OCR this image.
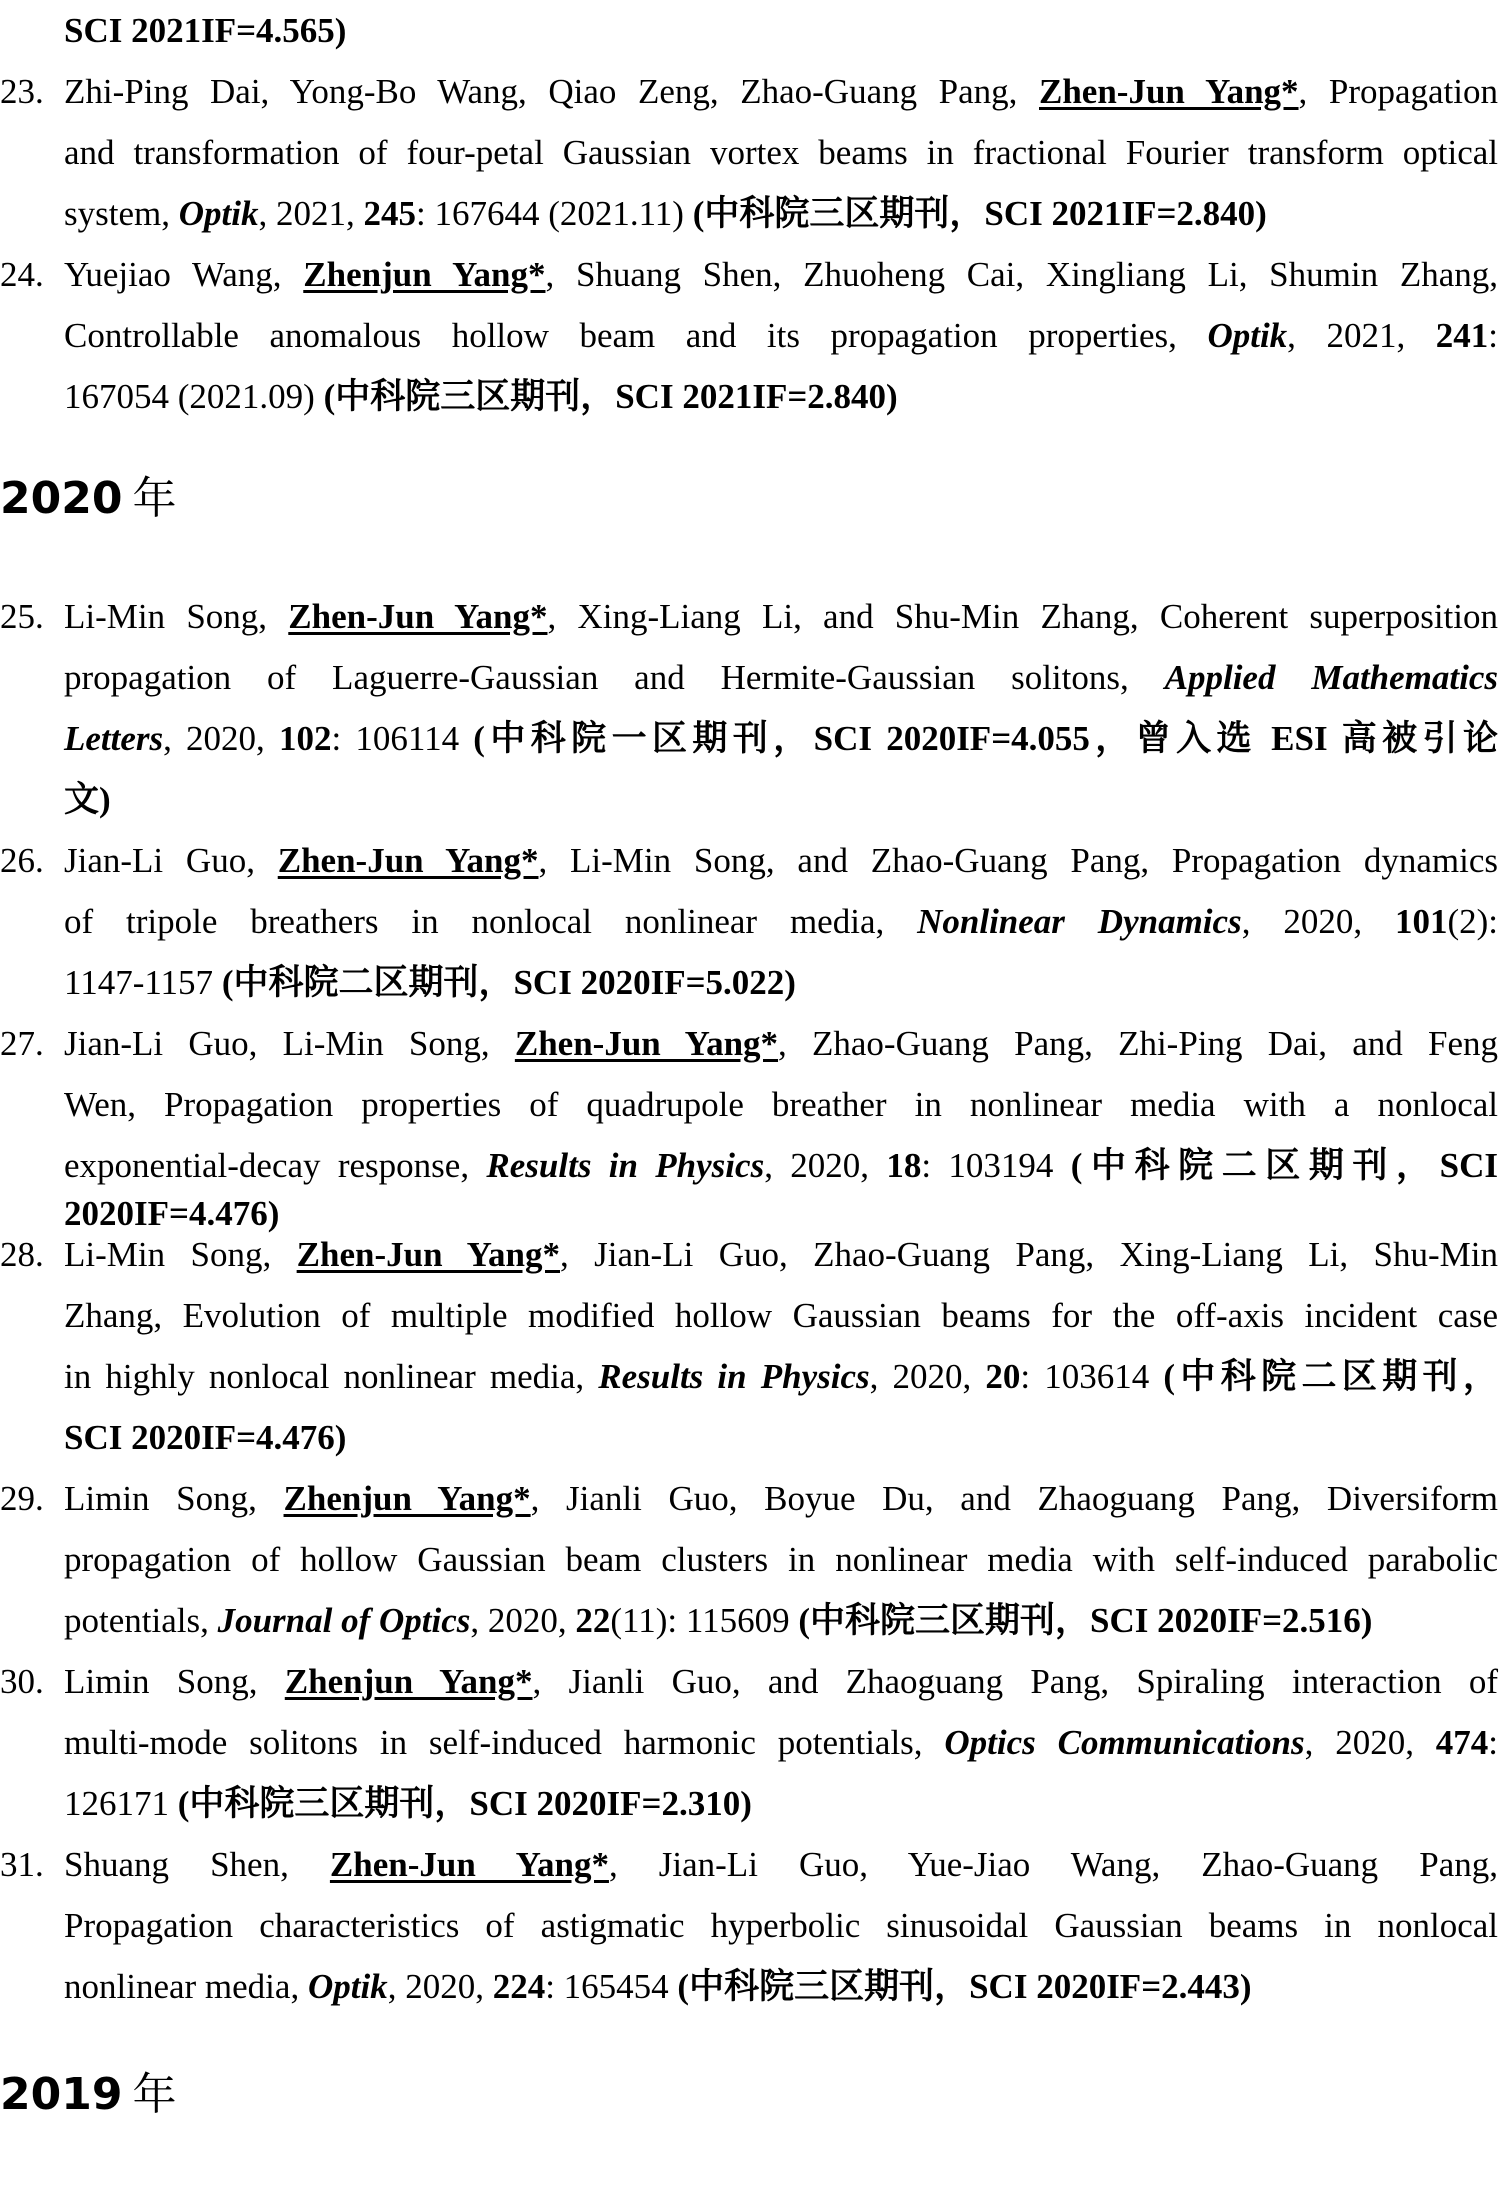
SCI 2021IF=4.565)
23. Zhi-Ping Dai, Yong-Bo Wang, Qiao Zeng, Zhao-Guang Pang, Zhen-Jun Yang*, Propagation
and transformation of four-petal Gaussian vortex beams in fractional Fourier transform optical
system, Optik, 2021, 245: 167644 (2021.11) (中科院三区期刊，SCI 2021IF=2.840)
24. Yuejiao Wang, Zhenjun Yang*, Shuang Shen, Zhuoheng Cai, Xingliang Li, Shumin Zhang,
Controllable anomalous hollow beam and its propagation properties, Optik, 2021, 241:
167054 (2021.09) (中科院三区期刊，SCI 2021IF=2.840)
2020 年
25. Li-Min Song, Zhen-Jun Yang*, Xing-Liang Li, and Shu-Min Zhang, Coherent superposition
propagation of Laguerre-Gaussian and Hermite-Gaussian solitons, Applied Mathematics
Letters, 2020, 102: 106114 (中科院一区期刊，SCI 2020IF=4.055，曾入选 ESI 高被引论
文)
26. Jian-Li Guo, Zhen-Jun Yang*, Li-Min Song, and Zhao-Guang Pang, Propagation dynamics
of tripole breathers in nonlocal nonlinear media, Nonlinear Dynamics, 2020, 101(2):
1147-1157 (中科院二区期刊，SCI 2020IF=5.022)
27. Jian-Li Guo, Li-Min Song, Zhen-Jun Yang*, Zhao-Guang Pang, Zhi-Ping Dai, and Feng
Wen, Propagation properties of quadrupole breather in nonlinear media with a nonlocal
exponential-decay response, Results in Physics, 2020, 18: 103194 (中科院二区期刊，SCI
2020IF=4.476)
28. Li-Min Song, Zhen-Jun Yang*, Jian-Li Guo, Zhao-Guang Pang, Xing-Liang Li, Shu-Min
Zhang, Evolution of multiple modified hollow Gaussian beams for the off-axis incident case
in highly nonlocal nonlinear media, Results in Physics, 2020, 20: 103614 (中科院二区期刊，
SCI 2020IF=4.476)
29. Limin Song, Zhenjun Yang*, Jianli Guo, Boyue Du, and Zhaoguang Pang, Diversiform
propagation of hollow Gaussian beam clusters in nonlinear media with self-induced parabolic
potentials, Journal of Optics, 2020, 22(11): 115609 (中科院三区期刊，SCI 2020IF=2.516)
30. Limin Song, Zhenjun Yang*, Jianli Guo, and Zhaoguang Pang, Spiraling interaction of
multi-mode solitons in self-induced harmonic potentials, Optics Communications, 2020, 474:
126171 (中科院三区期刊，SCI 2020IF=2.310)
31. Shuang Shen, Zhen-Jun Yang*, Jian-Li Guo, Yue-Jiao Wang, Zhao-Guang Pang,
Propagation characteristics of astigmatic hyperbolic sinusoidal Gaussian beams in nonlocal
nonlinear media, Optik, 2020, 224: 165454 (中科院三区期刊，SCI 2020IF=2.443)
2019 年
